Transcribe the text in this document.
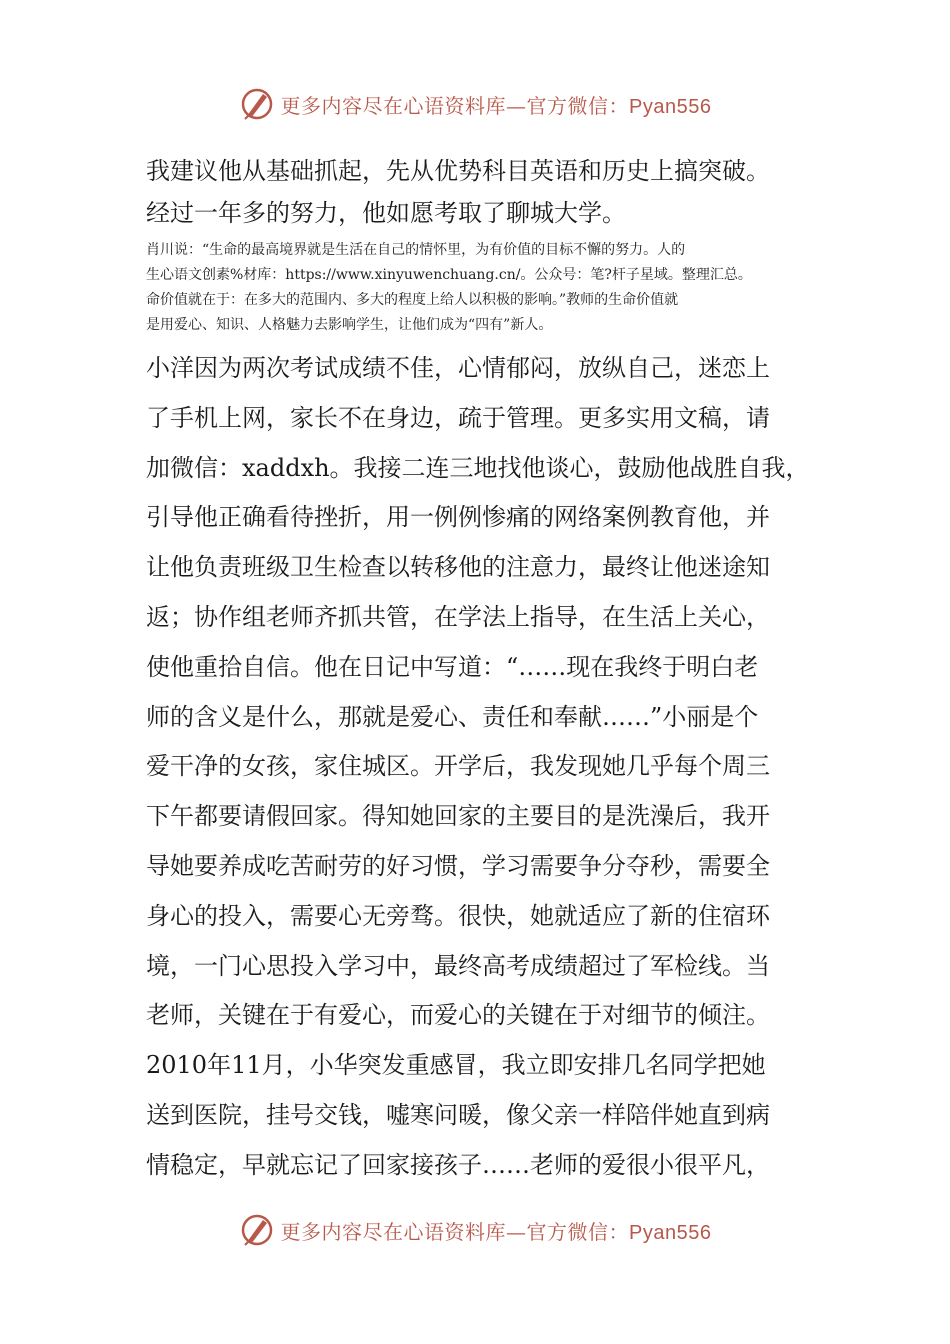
更多内容尽在心语资料库—官方微信：Pyan556

我建议他从基础抓起，先从优势科目英语和历史上搞突破。

经过一年多的努力，他如愿考取了聊城大学。

肖川说：“生命的最高境界就是生活在自己的情怀里，为有价值的目标不懈的努力。人的

生心语文创素%材库：https://www.xinyuwenchuang.cn/。公众号：笔?杆子星域。整理汇总。

命价值就在于：在多大的范围内、多大的程度上给人以积极的影响。”教师的生命价值就

是用爱心、知识、人格魅力去影响学生，让他们成为“四有”新人。

小洋因为两次考试成绩不佳，心情郁闷，放纵自己，迷恋上

了手机上网，家长不在身边，疏于管理。更多实用文稿，请

加微信：xaddxh。我接二连三地找他谈心，鼓励他战胜自我，

引导他正确看待挫折，用一例例惨痛的网络案例教育他，并

让他负责班级卫生检查以转移他的注意力，最终让他迷途知

返；协作组老师齐抓共管，在学法上指导，在生活上关心，

使他重拾自信。他在日记中写道：“……现在我终于明白老

师的含义是什么，那就是爱心、责任和奉献……”小丽是个

爱干净的女孩，家住城区。开学后，我发现她几乎每个周三

下午都要请假回家。得知她回家的主要目的是洗澡后，我开

导她要养成吃苦耐劳的好习惯，学习需要争分夺秒，需要全

身心的投入，需要心无旁骛。很快，她就适应了新的住宿环

境，一门心思投入学习中，最终高考成绩超过了军检线。当

老师，关键在于有爱心，而爱心的关键在于对细节的倾注。

2010年11月，小华突发重感冒，我立即安排几名同学把她

送到医院，挂号交钱，嘘寒问暖，像父亲一样陪伴她直到病

情稳定，早就忘记了回家接孩子……老师的爱很小很平凡，

更多内容尽在心语资料库—官方微信：Pyan556
